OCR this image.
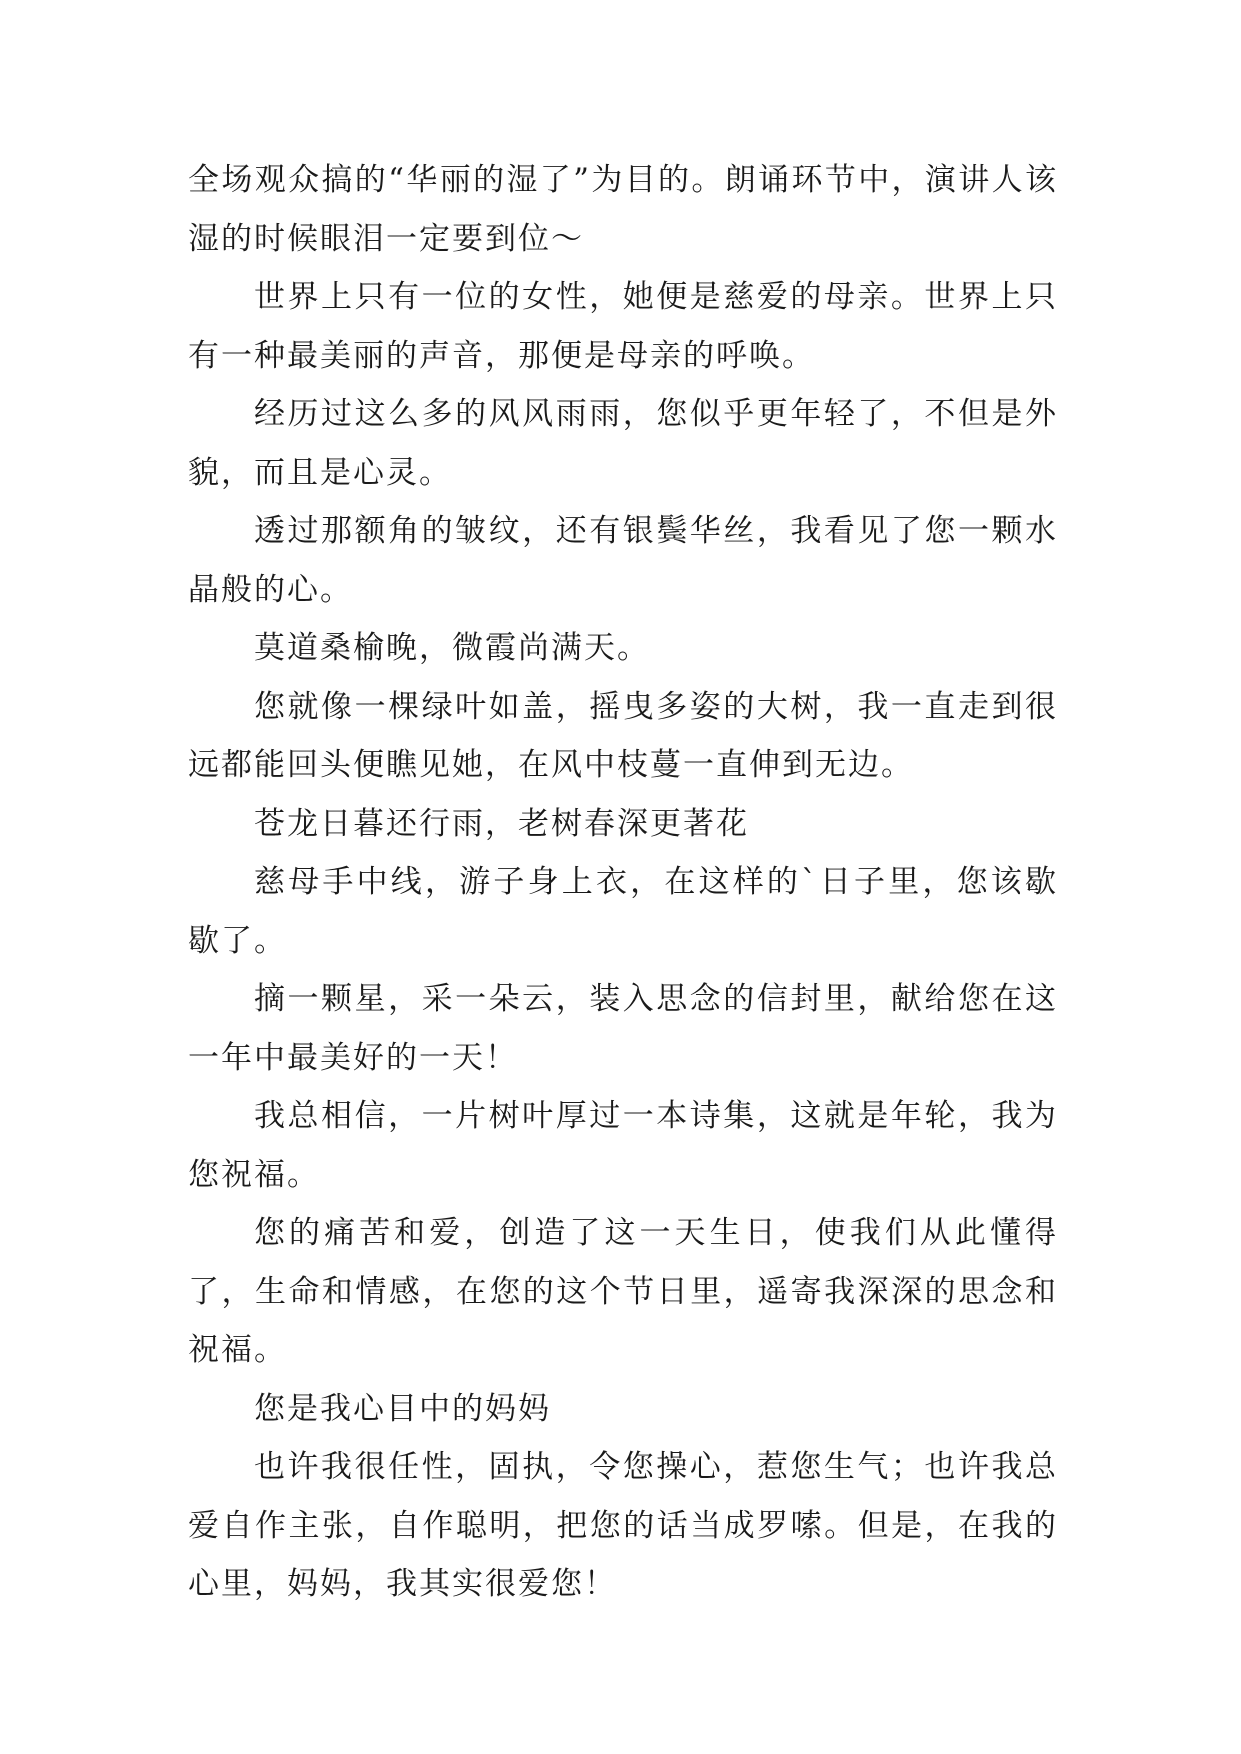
全场观众搞的“华丽的湿了”为目的。朗诵环节中，演讲人该湿的时候眼泪一定要到位～

世界上只有一位的女性，她便是慈爱的母亲。世界上只有一种最美丽的声音，那便是母亲的呼唤。

经历过这么多的风风雨雨，您似乎更年轻了，不但是外貌，而且是心灵。

透过那额角的皱纹，还有银鬓华丝，我看见了您一颗水晶般的心。

莫道桑榆晚，微霞尚满天。

您就像一棵绿叶如盖，摇曳多姿的大树，我一直走到很远都能回头便瞧见她，在风中枝蔓一直伸到无边。

苍龙日暮还行雨，老树春深更著花

慈母手中线，游子身上衣，在这样的`日子里，您该歇歇了。

摘一颗星，采一朵云，装入思念的信封里，献给您在这一年中最美好的一天！

我总相信，一片树叶厚过一本诗集，这就是年轮，我为您祝福。

您的痛苦和爱，创造了这一天生日，使我们从此懂得了，生命和情感，在您的这个节日里，遥寄我深深的思念和祝福。

您是我心目中的妈妈

也许我很任性，固执，令您操心，惹您生气；也许我总爱自作主张，自作聪明，把您的话当成罗嗦。但是，在我的心里，妈妈，我其实很爱您！
